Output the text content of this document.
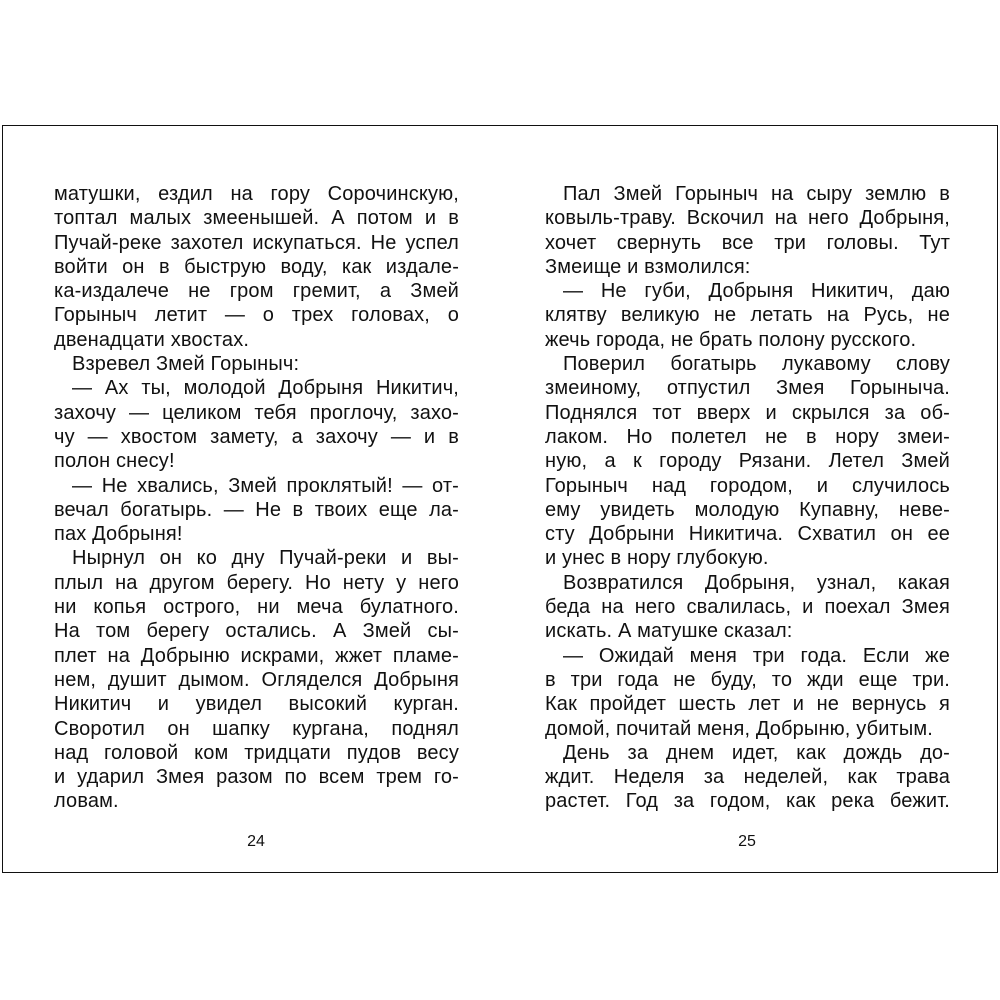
матушки, ездил на гору Сорочинскую,
топтал малых змеенышей. А потом и в
Пучай-реке захотел искупаться. Не успел
войти он в быструю воду, как издале-
ка-издалече не гром гремит, а Змей
Горыныч летит — о трех головах, о
двенадцати хвостах.
Взревел Змей Горыныч:
— Ах ты, молодой Добрыня Никитич,
захочу — целиком тебя проглочу, захо-
чу — хвостом замету, а захочу — и в
полон снесу!
— Не хвались, Змей проклятый! — от-
вечал богатырь. — Не в твоих еще ла-
пах Добрыня!
Нырнул он ко дну Пучай-реки и вы-
плыл на другом берегу. Но нету у него
ни копья острого, ни меча булатного.
На том берегу остались. А Змей сы-
плет на Добрыню искрами, жжет пламе-
нем, душит дымом. Огляделся Добрыня
Никитич и увидел высокий курган.
Своротил он шапку кургана, поднял
над головой ком тридцати пудов весу
и ударил Змея разом по всем трем го-
ловам.
Пал Змей Горыныч на сыру землю в
ковыль-траву. Вскочил на него Добрыня,
хочет свернуть все три головы. Тут
Змеище и взмолился:
— Не губи, Добрыня Никитич, даю
клятву великую не летать на Русь, не
жечь города, не брать полону русского.
Поверил богатырь лукавому слову
змеиному, отпустил Змея Горыныча.
Поднялся тот вверх и скрылся за об-
лаком. Но полетел не в нору змеи-
ную, а к городу Рязани. Летел Змей
Горыныч над городом, и случилось
ему увидеть молодую Купавну, неве-
сту Добрыни Никитича. Схватил он ее
и унес в нору глубокую.
Возвратился Добрыня, узнал, какая
беда на него свалилась, и поехал Змея
искать. А матушке сказал:
— Ожидай меня три года. Если же
в три года не буду, то жди еще три.
Как пройдет шесть лет и не вернусь я
домой, почитай меня, Добрыню, убитым.
День за днем идет, как дождь до-
ждит. Неделя за неделей, как трава
растет. Год за годом, как река бежит.
24	25
